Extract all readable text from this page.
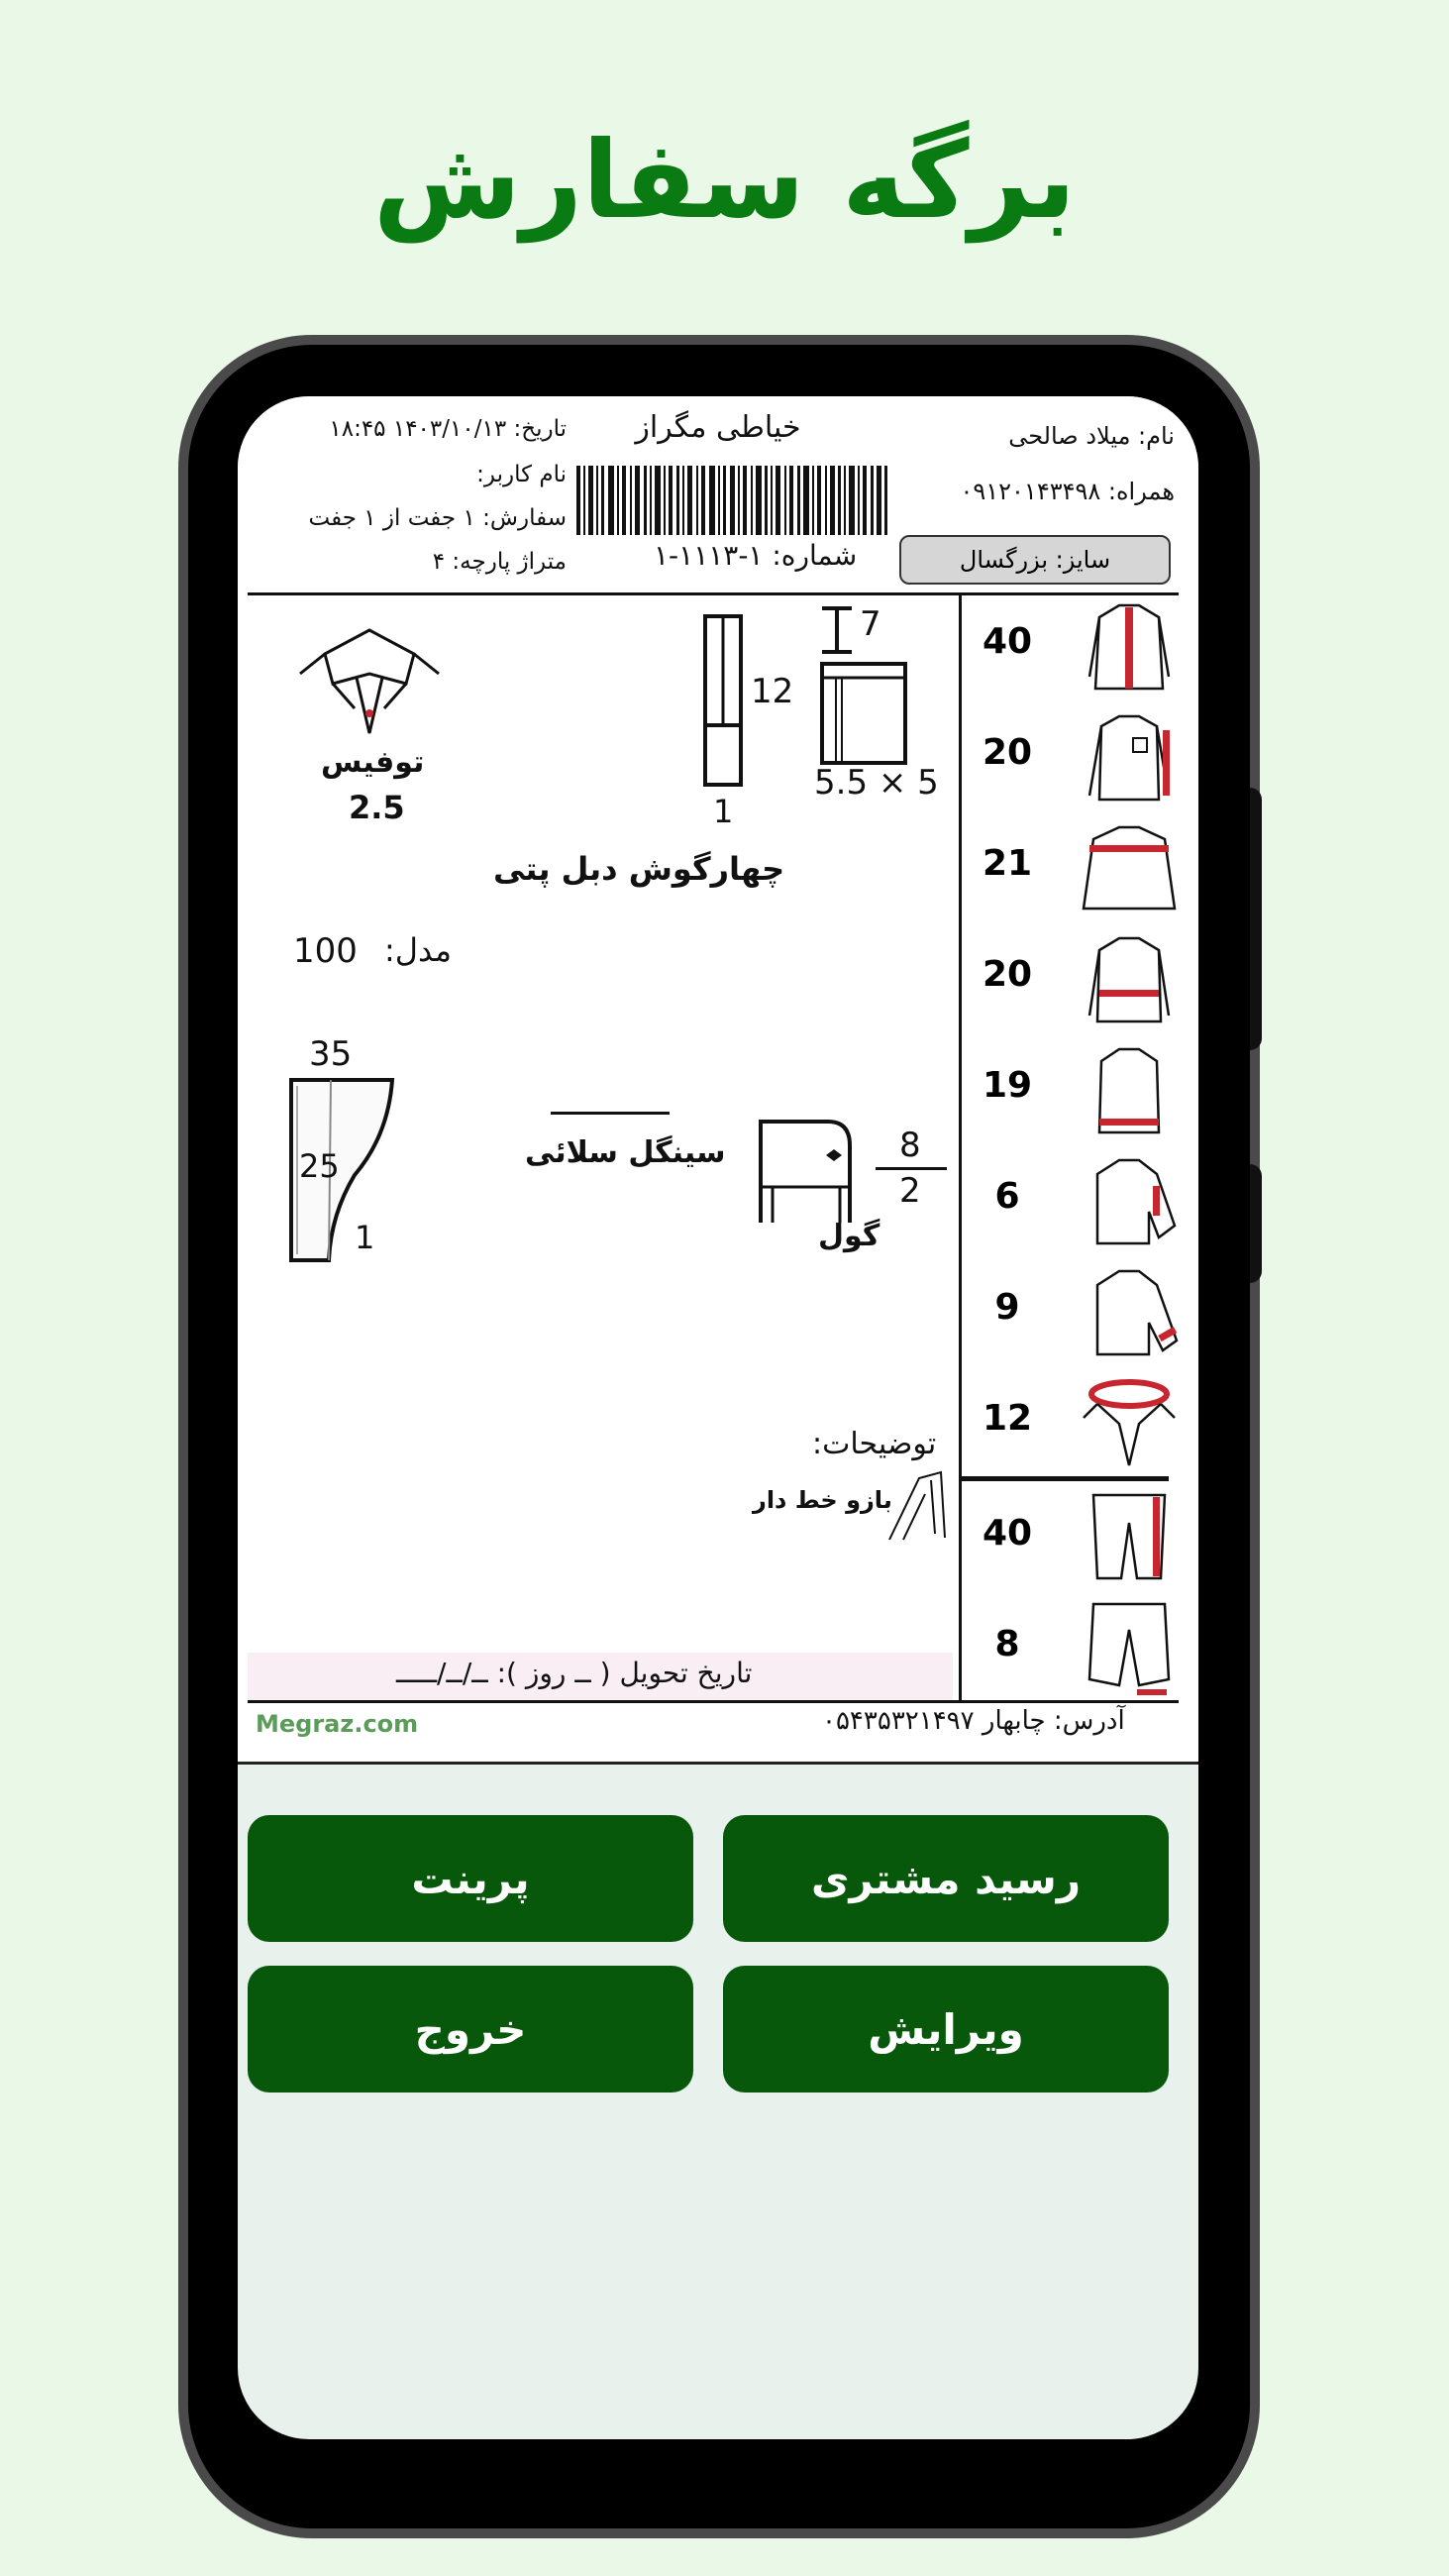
برگه سفارش
خیاطی مگراز	نام: میلاد صالحی
همراه: ۰۹۱۲۰۱۴۳۴۹۸
سایز: بزرگسال
تاریخ: ۱۴۰۳/۱۰/۱۳ ۱۸:۴۵
نام کاربر:
سفارش: ۱ جفت از ۱ جفت
متراژ پارچه: ۴	شماره: ۱-۱۱۱۳-۱
توفیس
2.5
12
1
7
5.5 × 5
چهارگوش دبل پتی
مدل:
100
35
25
1
سینگل سلائی
گول
8
2
توضیحات:
بازو خط دار
تاریخ تحویل ( ــ روز ): ــ/ــ/ـــــ
Megraz.com	آدرس: چابهار ۰۵۴۳۵۳۲۱۴۹۷
40
20
21
20
19
6
9
12
40
8
رسید مشتری
پرینت
ویرایش
خروج
